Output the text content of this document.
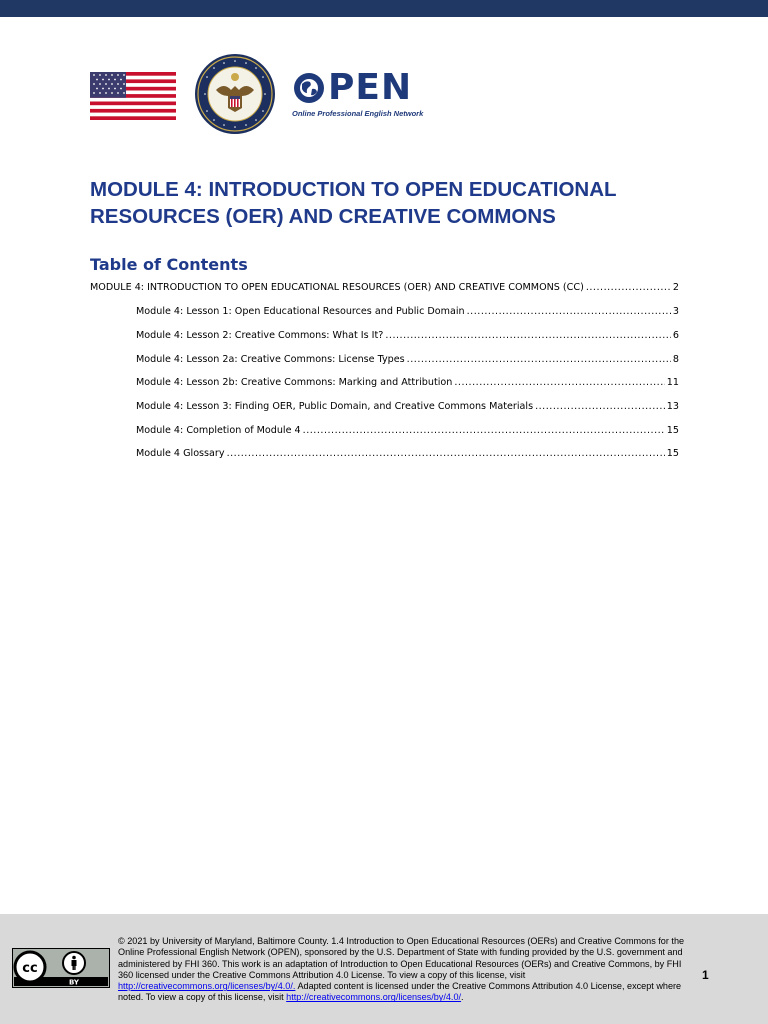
PEN
Online Professional English Network
MODULE 4: INTRODUCTION TO OPEN EDUCATIONAL
RESOURCES (OER) AND CREATIVE COMMONS
Table of Contents
MODULE 4: INTRODUCTION TO OPEN EDUCATIONAL RESOURCES (OER) AND CREATIVE COMMONS (CC) .....	2
Module 4: Lesson 1: Open Educational Resources and Public Domain .....	3
Module 4: Lesson 2: Creative Commons: What Is It? .....	6
Module 4: Lesson 2a: Creative Commons: License Types .....	8
Module 4: Lesson 2b: Creative Commons: Marking and Attribution .....	11
Module 4: Lesson 3: Finding OER, Public Domain, and Creative Commons Materials .....	13
Module 4: Completion of Module 4 .....	15
Module 4 Glossary .....	15
cc
BY

© 2021 by University of Maryland, Baltimore County. 1.4 Introduction to Open Educational Resources (OERs) and Creative Commons for the Online Professional English Network (OPEN), sponsored by the U.S. Department of State with funding provided by the U.S. government and administered by FHI 360. This work is an adaptation of Introduction to Open Educational Resources (OERs) and Creative Commons, by FHI 360 licensed under the Creative Commons Attribution 4.0 License. To view a copy of this license, visit http://creativecommons.org/licenses/by/4.0/. Adapted content is licensed under the Creative Commons Attribution 4.0 License, except where noted. To view a copy of this license, visit http://creativecommons.org/licenses/by/4.0/.

1
